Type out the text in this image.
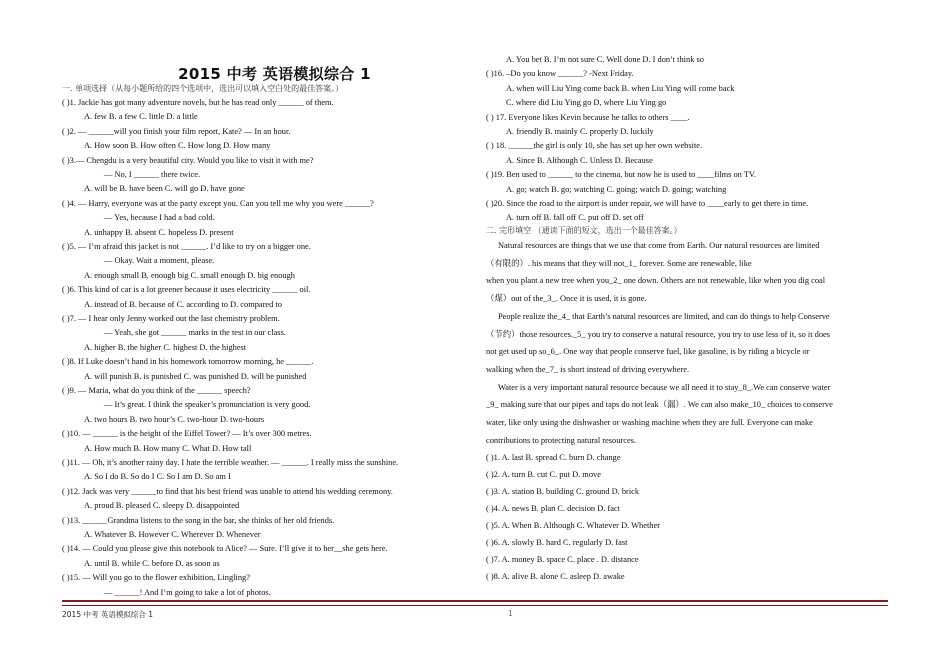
2015 中考 英语模拟综合 1
一. 单项选择（从每小题所给的四个选项中，选出可以填入空白处的最佳答案。）
( )1. Jackie has got many adventure novels, but he has read only ______ of them.
A. few B. a few C. little D. a little
( )2. — ______will you finish your film report, Kate? — In an hour.
A. How soon B. How often C. How long D. How many
( )3.— Chengdu is a very beautiful city. Would you like to visit it with me?
— No, I ______ there twice.
A. will be B. have been C. will go D. have gone
( )4. — Harry, everyone was at the party except you. Can you tell me why you were ______?
— Yes, because I had a bad cold.
A. unhappy B. absent C. hopeless D. present
( )5. — I’m afraid this jacket is not ______. I’d like to try on a bigger one.
— Okay. Wait a moment, please.
A. enough small B. enough big C. small enough D. big enough
( )6. This kind of car is a lot greener because it uses electricity ______ oil.
A. instead of B. because of C. according to D. compared to
( )7. — I hear only Jenny worked out the last chemistry problem.
— Yeah, she got ______ marks in the test in our class.
A. higher B. the higher C. highest D. the highest
( )8. If Luke doesn’t hand in his homework tomorrow morning, he ______.
A. will punish B. is punished C. was punished D. will be punished
( )9. — Maria, what do you think of the ______ speech?
— It’s great. I think the speaker’s pronunciation is very good.
A. two hours B. two hour’s C. two-hour D. two-hours
( )10. — ______ is the height of the Eiffel Tower? — It’s over 300 metres.
A. How much B. How many C. What D. How tall
( )11. — Oh, it’s another rainy day. I hate the terrible weather. — ______. I really miss the sunshine.
A. So I do B. So do I C. So I am D. So am I
( )12. Jack was very ______to find that his best friend was unable to attend his wedding ceremony.
A. proud B. pleased C. sleepy D. disappointed
( )13. ______Grandma listens to the song in the bar, she thinks of her old friends.
A. Whatever B. However C. Wherever D. Whenever
( )14. — Could you please give this notebook to Alice? — Sure. I’ll give it to her__she gets here.
A. until B. while C. before D. as soon as
( )15. — Will you go to the flower exhibition, Lingling?
— ______! And I’m going to take a lot of photos.
A. You bet B. I’m not sure C. Well done D. I don’t think so
( )16. –Do you know ______? -Next Friday.
A. when will Liu Ying come back B. when Liu Ying will come back
C. where did Liu Ying go D, where Liu Ying go
( ) 17. Everyone likes Kevin because he talks to others ____.
A. friendly B. mainly C. properly D. luckily
( ) 18. ______the girl is only 10, she has set up her own website.
A. Since B. Although C. Unless D. Because
( )19. Ben used to ______ to the cinema, but now he is used to ____films on TV.
A. go; watch B. go; watching C. going; watch D. going; watching
( )20. Since the road to the airport is under repair, we will have to ____early to get there in time.
A. turn off B. fall off C. put off D. set off
二. 完形填空 （通读下面的短文，选出一个最佳答案。）
Natural resources are things that we use that come from Earth. Our natural resources are limited
（有限的）. his means that they will not_1_ forever. Some are renewable, like
when you plant a new tree when you_2_ one down. Others are not renewable, like when you dig coal
（煤）out of the_3_. Once it is used, it is gone.
People realize the_4_ that Earth’s natural resources are limited, and can do things to help Conserve
（节约）those resources._5_ you try to conserve a natural resource, you try to use less of it, so it does
not get used up so_6_. One way that people conserve fuel, like gasoline, is by riding a bicycle or
walking when the_7_ is short instead of driving everywhere.
Water is a very important natural resource because we all need it to stay_8_.We can conserve water
_9_ making sure that our pipes and taps do not leak（漏）. We can also make_10_ choices to conserve
water, like only using the dishwasher or washing machine when they are full. Everyone can make
contributions to protecting natural resources.
( )1. A. last B. spread C. burn D. change
( )2. A. turn B. cut C. put D. move
( )3. A. station B. building C. ground D. brick
( )4. A. news B. plan C. decision D. fact
( )5. A. When B. Although C. Whatever D. Whether
( )6. A. slowly B. hard C. regularly D. fast
( )7. A. money B. space C. place . D. distance
( )8. A. alive B. alone C. asleep D. awake
2015 中考 英语模拟综合 1	1
